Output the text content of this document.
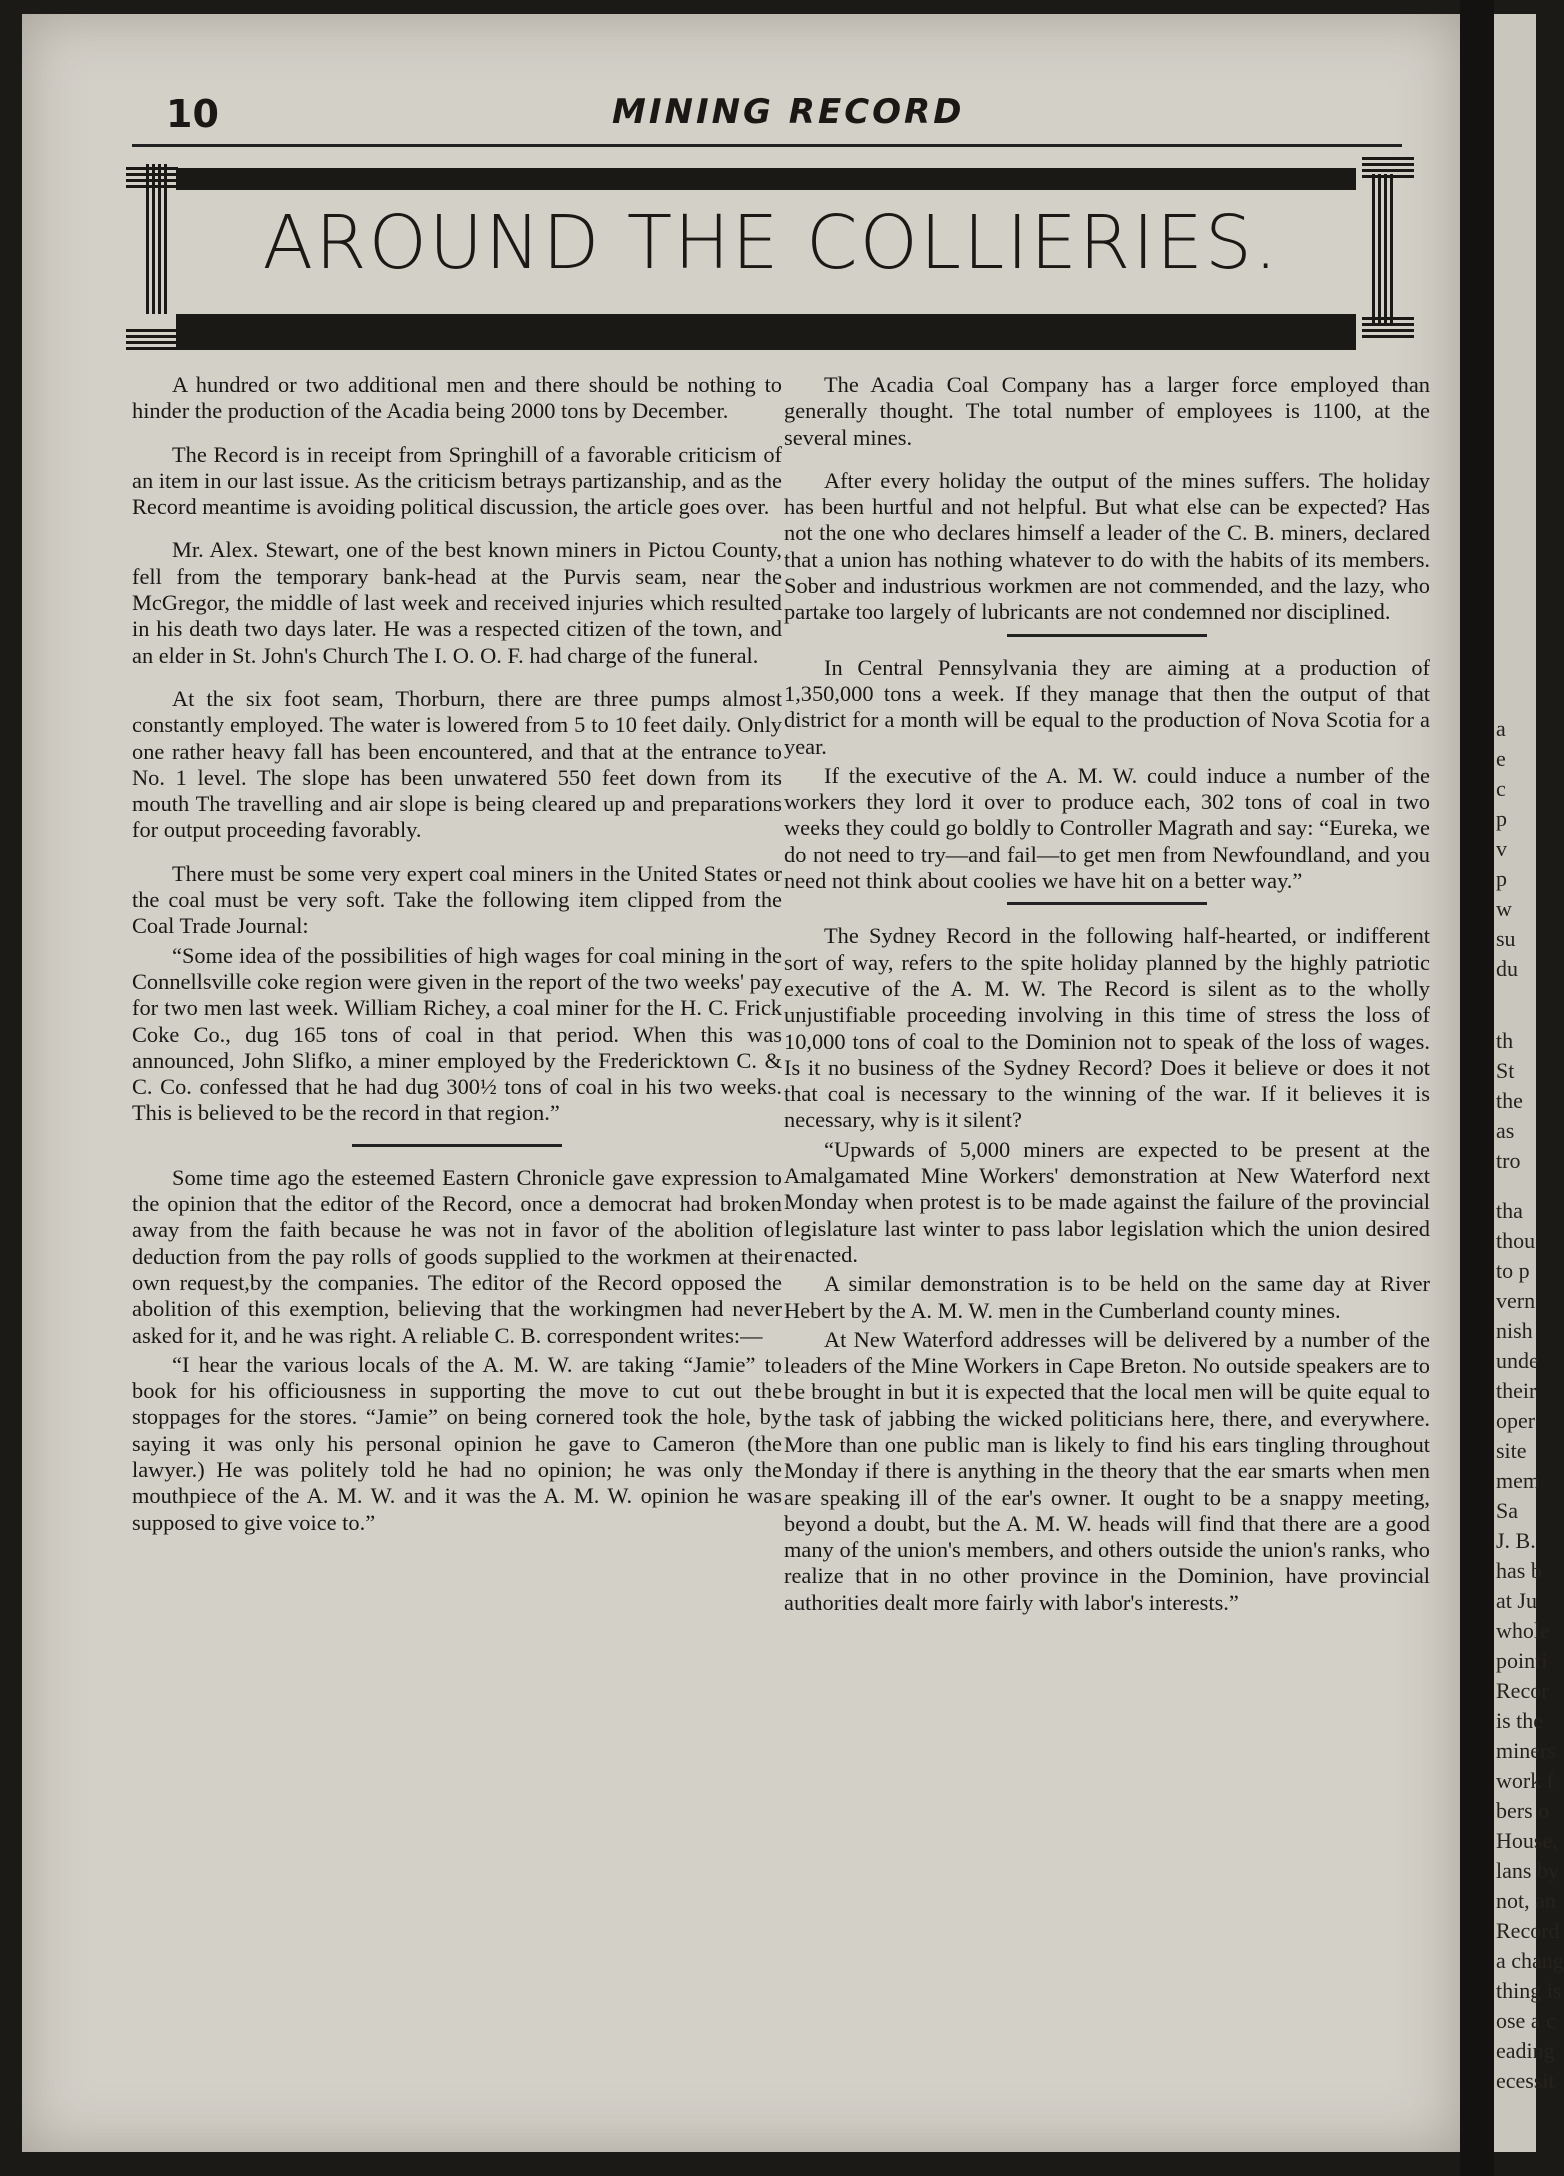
10	MINING RECORD
AROUND THE COLLIERIES.

A hundred or two additional men and there should be nothing to hinder the production of the Acadia being 2000 tons by December.

The Record is in receipt from Springhill of a favorable criticism of an item in our last issue. As the criticism betrays partizanship, and as the Record meantime is avoiding political discussion, the article goes over.

Mr. Alex. Stewart, one of the best known miners in Pictou County, fell from the temporary bank-head at the Purvis seam, near the McGregor, the middle of last week and received injuries which resulted in his death two days later. He was a respected citizen of the town, and an elder in St. John's Church The I. O. O. F. had charge of the funeral.

At the six foot seam, Thorburn, there are three pumps almost constantly employed. The water is lowered from 5 to 10 feet daily. Only one rather heavy fall has been encountered, and that at the entrance to No. 1 level. The slope has been unwatered 550 feet down from its mouth The travelling and air slope is being cleared up and preparations for output proceeding favorably.

There must be some very expert coal miners in the United States or the coal must be very soft. Take the following item clipped from the Coal Trade Journal:

“Some idea of the possibilities of high wages for coal mining in the Connellsville coke region were given in the report of the two weeks' pay for two men last week. William Richey, a coal miner for the H. C. Frick Coke Co., dug 165 tons of coal in that period. When this was announced, John Slifko, a miner employed by the Fredericktown C. & C. Co. confessed that he had dug 300½ tons of coal in his two weeks. This is believed to be the record in that region.”

Some time ago the esteemed Eastern Chronicle gave expression to the opinion that the editor of the Record, once a democrat had broken away from the faith because he was not in favor of the abolition of deduction from the pay rolls of goods supplied to the workmen at their own request,by the companies. The editor of the Record opposed the abolition of this exemption, believing that the workingmen had never asked for it, and he was right. A reliable C. B. correspondent writes:—

“I hear the various locals of the A. M. W. are taking “Jamie” to book for his officiousness in supporting the move to cut out the stoppages for the stores. “Jamie” on being cornered took the hole, by saying it was only his personal opinion he gave to Cameron (the lawyer.) He was politely told he had no opinion; he was only the mouthpiece of the A. M. W. and it was the A. M. W. opinion he was supposed to give voice to.”

The Acadia Coal Company has a larger force employed than generally thought. The total number of employees is 1100, at the several mines.

After every holiday the output of the mines suffers. The holiday has been hurtful and not helpful. But what else can be expected? Has not the one who declares himself a leader of the C. B. miners, declared that a union has nothing whatever to do with the habits of its members. Sober and industrious workmen are not commended, and the lazy, who partake too largely of lubricants are not condemned nor disciplined.

In Central Pennsylvania they are aiming at a production of 1,350,000 tons a week. If they manage that then the output of that district for a month will be equal to the production of Nova Scotia for a year.

If the executive of the A. M. W. could induce a number of the workers they lord it over to produce each, 302 tons of coal in two weeks they could go boldly to Controller Magrath and say: “Eureka, we do not need to try—and fail—to get men from Newfoundland, and you need not think about coolies we have hit on a better way.”

The Sydney Record in the following half-hearted, or indifferent sort of way, refers to the spite holiday planned by the highly patriotic executive of the A. M. W. The Record is silent as to the wholly unjustifiable proceeding involving in this time of stress the loss of 10,000 tons of coal to the Dominion not to speak of the loss of wages. Is it no business of the Sydney Record? Does it believe or does it not that coal is necessary to the winning of the war. If it believes it is necessary, why is it silent?

“Upwards of 5,000 miners are expected to be present at the Amalgamated Mine Workers' demonstration at New Waterford next Monday when protest is to be made against the failure of the provincial legislature last winter to pass labor legislation which the union desired enacted.

A similar demonstration is to be held on the same day at River Hebert by the A. M. W. men in the Cumberland county mines.

At New Waterford addresses will be delivered by a number of the leaders of the Mine Workers in Cape Breton. No outside speakers are to be brought in but it is expected that the local men will be quite equal to the task of jabbing the wicked politicians here, there, and everywhere. More than one public man is likely to find his ears tingling throughout Monday if there is anything in the theory that the ear smarts when men are speaking ill of the ear's owner. It ought to be a snappy meeting, beyond a doubt, but the A. M. W. heads will find that there are a good many of the union's members, and others outside the union's ranks, who realize that in no other province in the Dominion, have provincial authorities dealt more fairly with labor's interests.”

a
e
c
p
v
p
w
su
du
th
St
the
as
tro
tha
thou
to p
vern
nish
unde
their
oper
site
mem
Sa
J. B.
has b
at Ju
whole
pointi
Recor
is the
miners
work f
bers o
House,
lans by
not, an
Record
a chang
thing is
ose a c
eading
ecessit
